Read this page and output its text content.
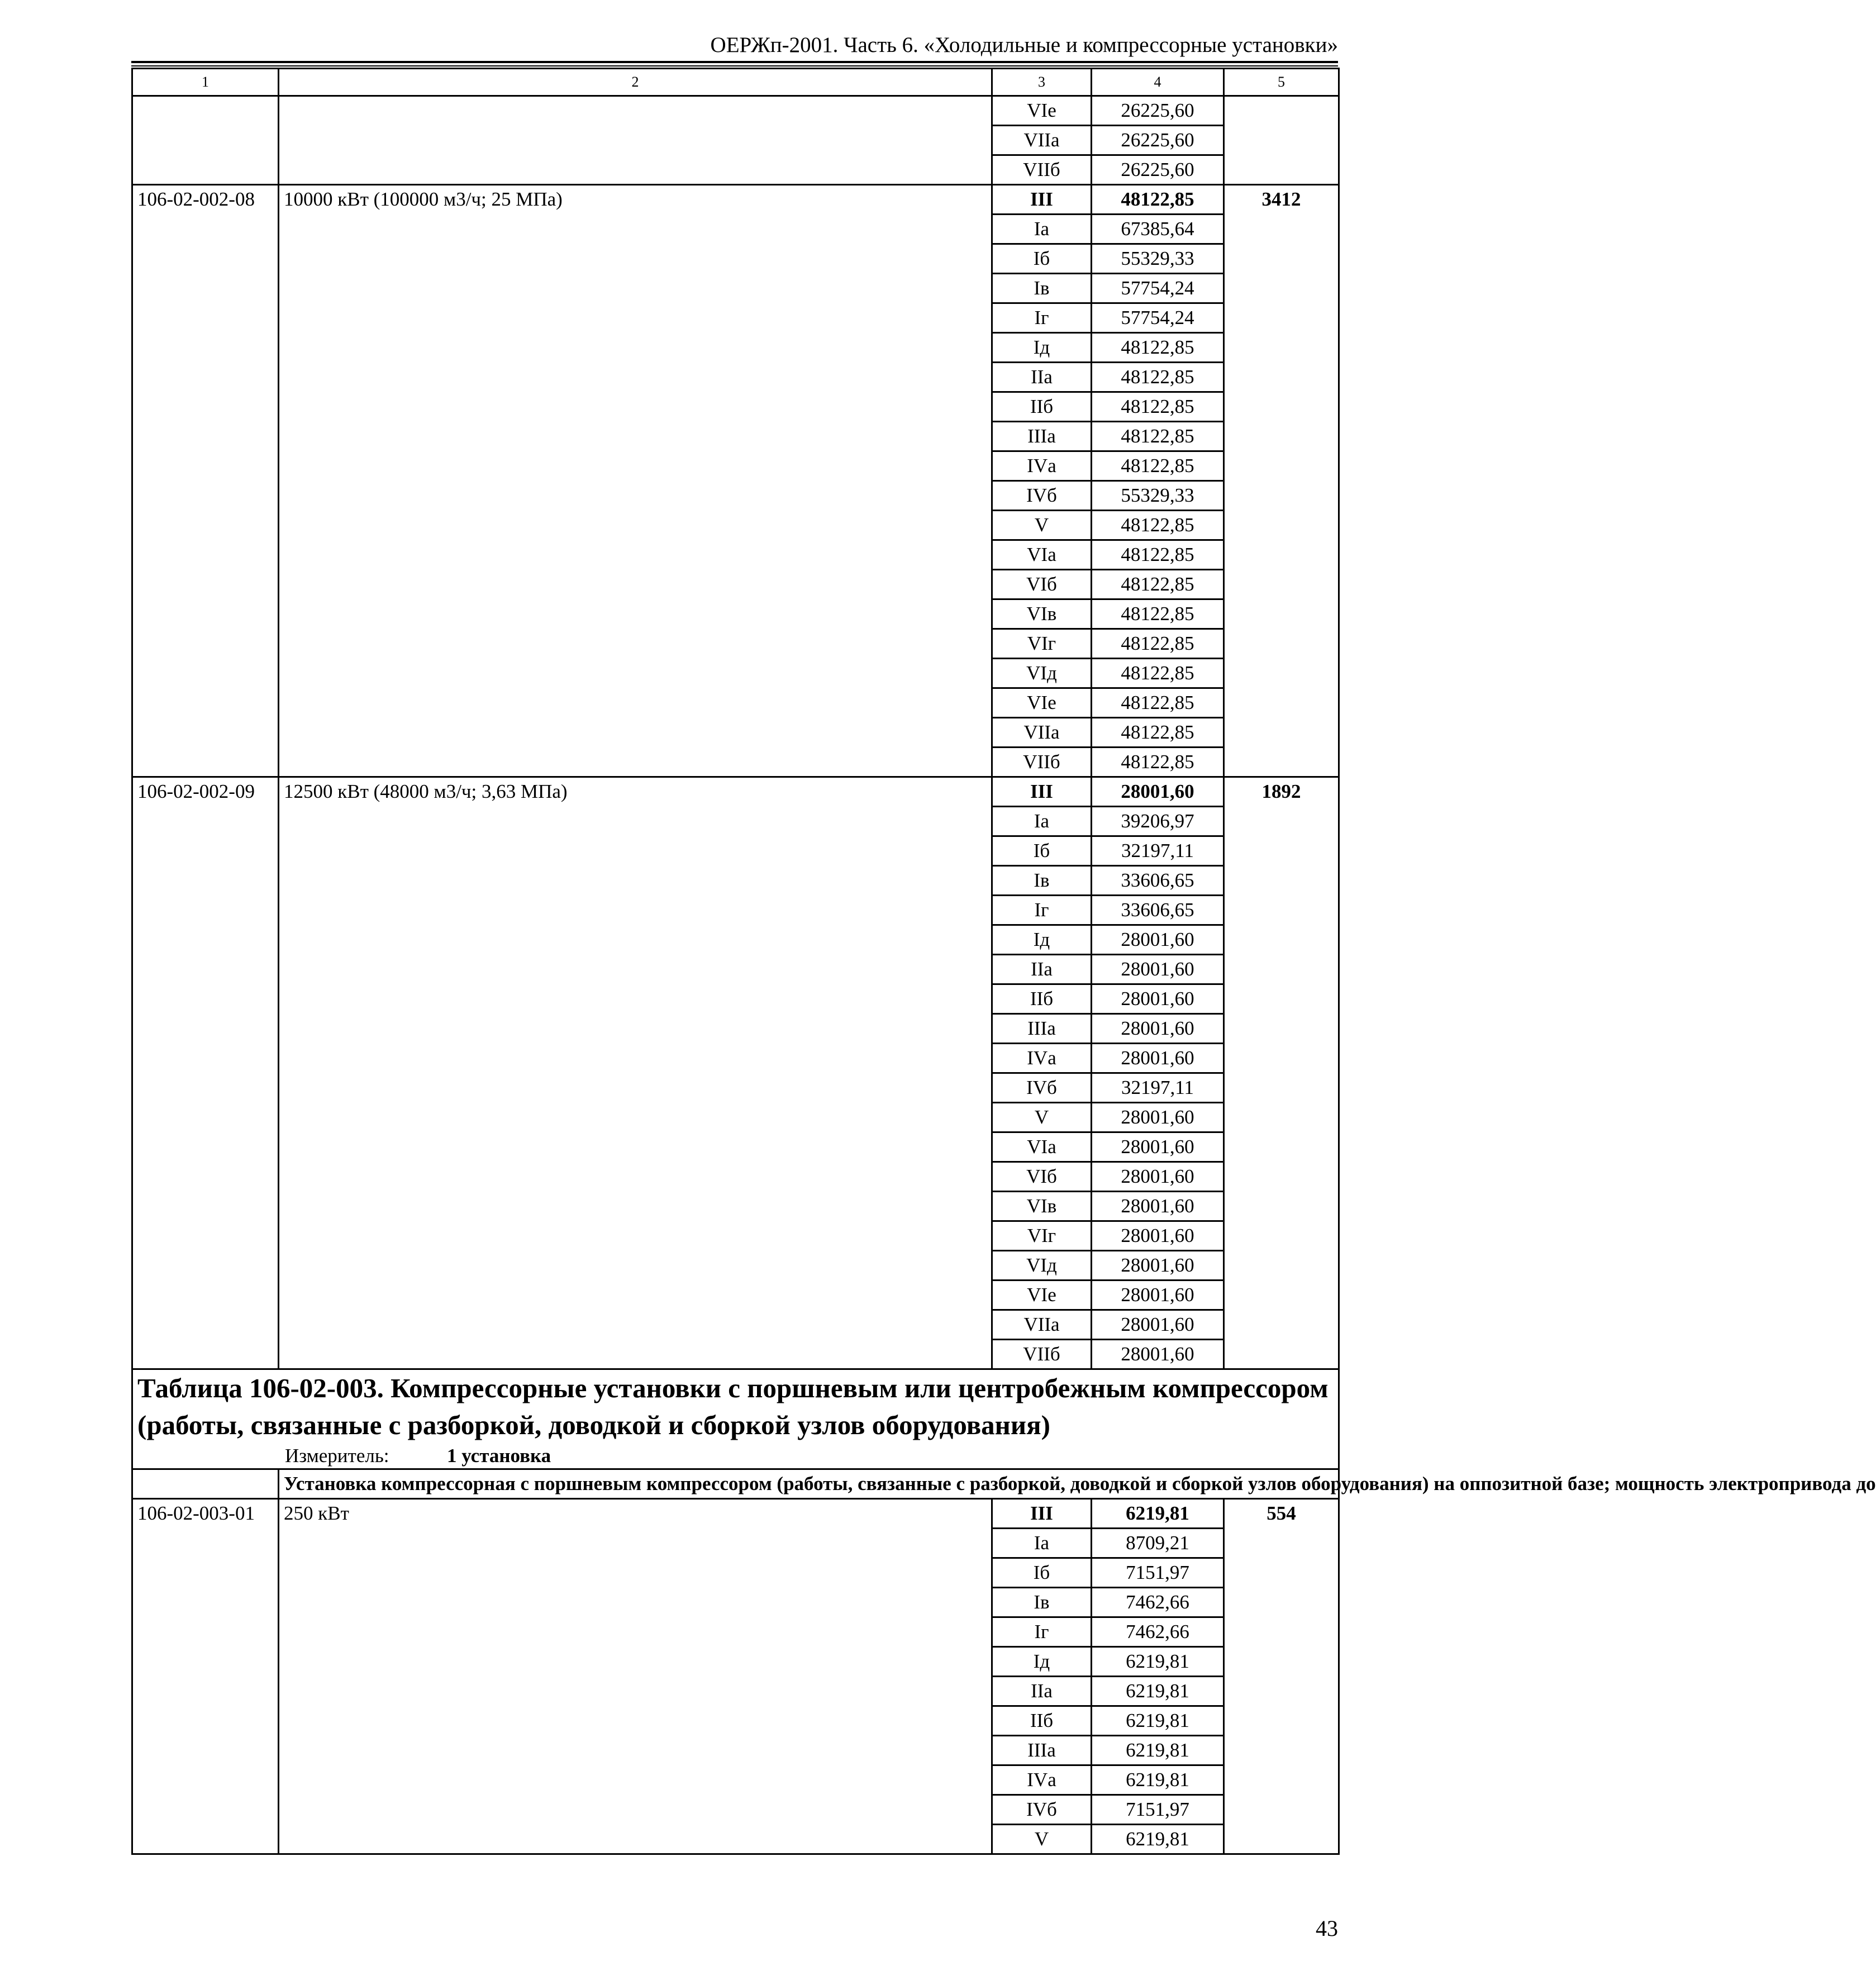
ОЕРЖп-2001. Часть 6. «Холодильные и компрессорные установки»
1	2	3	4	5
		VIе	26225,60	
		VIIа	26225,60	
		VIIб	26225,60	
106-02-002-08	10000 кВт (100000 м3/ч; 25 МПа)	III	48122,85	3412
		Iа	67385,64	
		Iб	55329,33	
		Iв	57754,24	
		Iг	57754,24	
		Iд	48122,85	
		IIа	48122,85	
		IIб	48122,85	
		IIIа	48122,85	
		IVа	48122,85	
		IVб	55329,33	
		V	48122,85	
		VIа	48122,85	
		VIб	48122,85	
		VIв	48122,85	
		VIг	48122,85	
		VIд	48122,85	
		VIе	48122,85	
		VIIа	48122,85	
		VIIб	48122,85	
106-02-002-09	12500 кВт (48000 м3/ч; 3,63 МПа)	III	28001,60	1892
		Iа	39206,97	
		Iб	32197,11	
		Iв	33606,65	
		Iг	33606,65	
		Iд	28001,60	
		IIа	28001,60	
		IIб	28001,60	
		IIIа	28001,60	
		IVа	28001,60	
		IVб	32197,11	
		V	28001,60	
		VIа	28001,60	
		VIб	28001,60	
		VIв	28001,60	
		VIг	28001,60	
		VIд	28001,60	
		VIе	28001,60	
		VIIа	28001,60	
		VIIб	28001,60	

Таблица 106-02-003. Компрессорные установки с поршневым или центробежным компрессором (работы, связанные с разборкой, доводкой и сборкой узлов оборудования)
Измеритель: 1 установка				

	Установка компрессорная с поршневым компрессором (работы, связанные с разборкой, доводкой и сборкой узлов оборудования) на оппозитной базе; мощность электропривода до			
106-02-003-01	250 кВт	III	6219,81	554
		Iа	8709,21	
		Iб	7151,97	
		Iв	7462,66	
		Iг	7462,66	
		Iд	6219,81	
		IIа	6219,81	
		IIб	6219,81	
		IIIа	6219,81	
		IVа	6219,81	
		IVб	7151,97	
		V	6219,81	
43
